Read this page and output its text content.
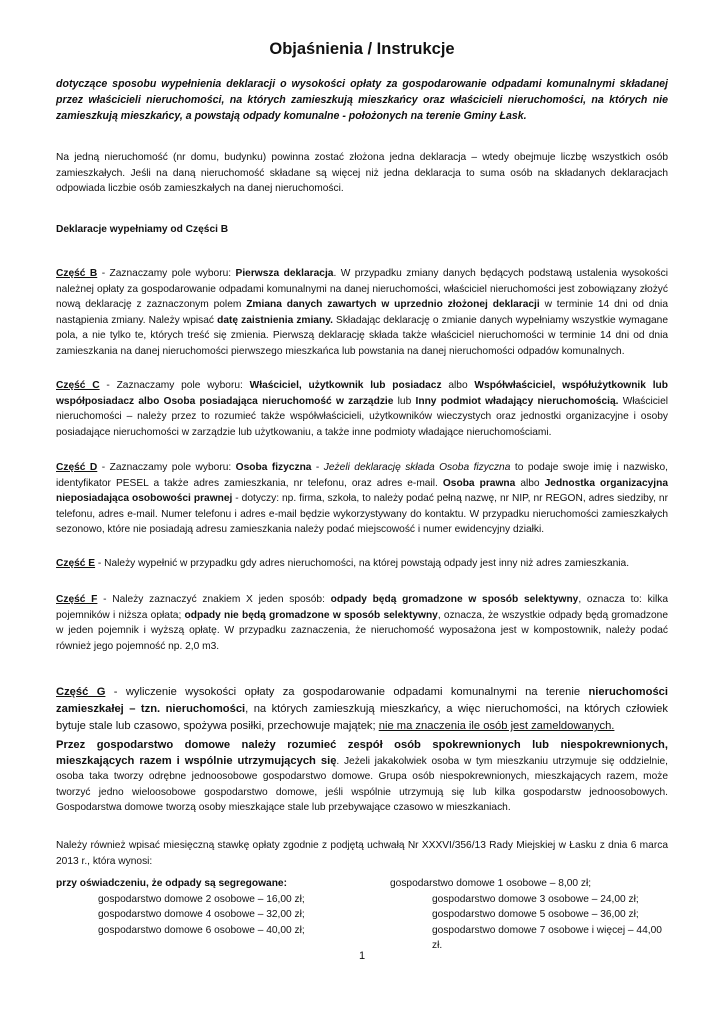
Objaśnienia / Instrukcje
dotyczące sposobu wypełnienia deklaracji o wysokości opłaty za gospodarowanie odpadami komunalnymi składanej przez właścicieli nieruchomości, na których zamieszkują mieszkańcy oraz właścicieli nieruchomości, na których nie zamieszkują mieszkańcy, a powstają odpady komunalne - położonych na terenie Gminy Łask.
Na jedną nieruchomość (nr domu, budynku) powinna zostać złożona jedna deklaracja – wtedy obejmuje liczbę wszystkich osób zamieszkałych. Jeśli na daną nieruchomość składane są więcej niż jedna deklaracja to suma osób na składanych deklaracjach odpowiada liczbie osób zamieszkałych na danej nieruchomości.
Deklaracje wypełniamy od Części B

Część B - Zaznaczamy pole wyboru: Pierwsza deklaracja. W przypadku zmiany danych będących podstawą ustalenia wysokości należnej opłaty za gospodarowanie odpadami komunalnymi na danej nieruchomości, właściciel nieruchomości jest zobowiązany złożyć nową deklarację z zaznaczonym polem Zmiana danych zawartych w uprzednio złożonej deklaracji w terminie 14 dni od dnia nastąpienia zmiany. Należy wpisać datę zaistnienia zmiany. Składając deklarację o zmianie danych wypełniamy wszystkie wymagane pola, a nie tylko te, których treść się zmienia. Pierwszą deklarację składa także właściciel nieruchomości w terminie 14 dni od dnia zamieszkania na danej nieruchomości pierwszego mieszkańca lub powstania na danej nieruchomości odpadów komunalnych.

Część C - Zaznaczamy pole wyboru: Właściciel, użytkownik lub posiadacz albo Współwłaściciel, współużytkownik lub współposiadacz albo Osoba posiadająca nieruchomość w zarządzie lub Inny podmiot władający nieruchomością. Właściciel nieruchomości – należy przez to rozumieć także współwłaścicieli, użytkowników wieczystych oraz jednostki organizacyjne i osoby posiadające nieruchomości w zarządzie lub użytkowaniu, a także inne podmioty władające nieruchomościami.

Część D - Zaznaczamy pole wyboru: Osoba fizyczna - Jeżeli deklarację składa Osoba fizyczna to podaje swoje imię i nazwisko, identyfikator PESEL a także adres zamieszkania, nr telefonu, oraz adres e-mail. Osoba prawna albo Jednostka organizacyjna nieposiadająca osobowości prawnej - dotyczy: np. firma, szkoła, to należy podać pełną nazwę, nr NIP, nr REGON, adres siedziby, nr telefonu, adres e-mail. Numer telefonu i adres e-mail będzie wykorzystywany do kontaktu. W przypadku nieruchomości zamieszkałych sezonowo, które nie posiadają adresu zamieszkania należy podać miejscowość i numer ewidencyjny działki.

Część E - Należy wypełnić w przypadku gdy adres nieruchomości, na której powstają odpady jest inny niż adres zamieszkania.

Część F - Należy zaznaczyć znakiem X jeden sposób: odpady będą gromadzone w sposób selektywny, oznacza to: kilka pojemników i niższa opłata; odpady nie będą gromadzone w sposób selektywny, oznacza, że wszystkie odpady będą gromadzone w jeden pojemnik i wyższą opłatę. W przypadku zaznaczenia, że nieruchomość wyposażona jest w kompostownik, należy podać również jego pojemność np. 2,0 m3.

Część G - wyliczenie wysokości opłaty za gospodarowanie odpadami komunalnymi na terenie nieruchomości zamieszkałej – tzn. nieruchomości, na których zamieszkują mieszkańcy, a więc nieruchomości, na których człowiek bytuje stale lub czasowo, spożywa posiłki, przechowuje majątek; nie ma znaczenia ile osób jest zameldowanych.

Przez gospodarstwo domowe należy rozumieć zespół osób spokrewnionych lub niespokrewnionych, mieszkających razem i wspólnie utrzymujących się. Jeżeli jakakolwiek osoba w tym mieszkaniu utrzymuje się oddzielnie, osoba taka tworzy odrębne jednoosobowe gospodarstwo domowe. Grupa osób niespokrewnionych, mieszkających razem, może tworzyć jedno wieloosobowe gospodarstwo domowe, jeśli wspólnie utrzymują się lub kilka gospodarstw jednoosobowych. Gospodarstwa domowe tworzą osoby mieszkające stale lub przebywające czasowo w mieszkaniach.

Należy również wpisać miesięczną stawkę opłaty zgodnie z podjętą uchwałą Nr XXXVI/356/13 Rady Miejskiej w Łasku z dnia 6 marca 2013 r., która wynosi:
przy oświadczeniu, że odpady są segregowane:	gospodarstwo domowe 1 osobowe – 8,00 zł;
gospodarstwo domowe 2 osobowe – 16,00 zł;	gospodarstwo domowe 3 osobowe – 24,00 zł;
gospodarstwo domowe 4 osobowe – 32,00 zł;	gospodarstwo domowe 5 osobowe – 36,00 zł;
gospodarstwo domowe 6 osobowe – 40,00 zł;	gospodarstwo domowe 7 osobowe i więcej – 44,00 zł.
1
